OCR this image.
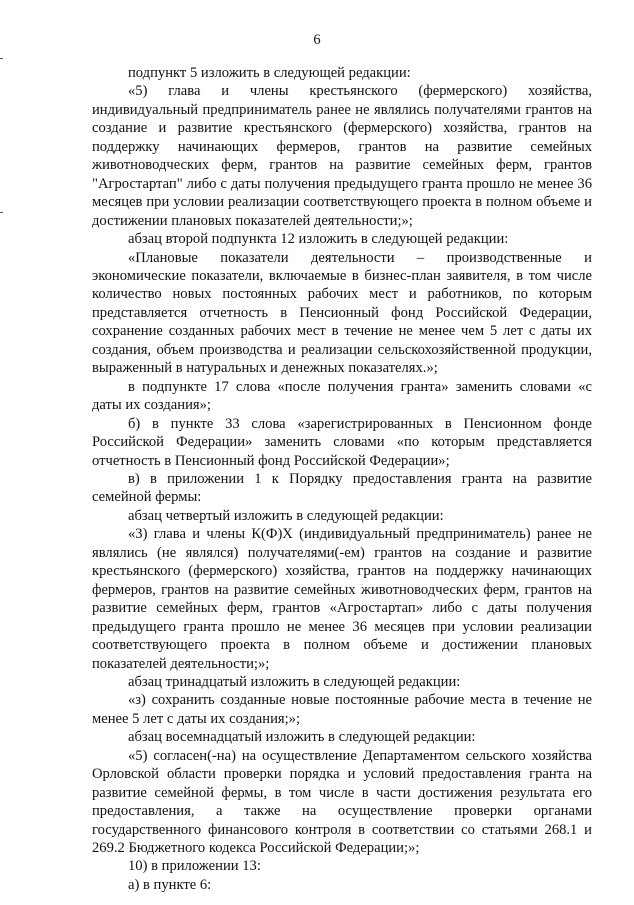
6

подпункт 5 изложить в следующей редакции:

«5) глава и члены крестьянского (фермерского) хозяйства, индивидуальный предприниматель ранее не являлись получателями грантов на создание и развитие крестьянского (фермерского) хозяйства, грантов на поддержку начинающих фермеров, грантов на развитие семейных животноводческих ферм, грантов на развитие семейных ферм, грантов "Агростартап" либо с даты получения предыдущего гранта прошло не менее 36 месяцев при условии реализации соответствующего проекта в полном объеме и достижении плановых показателей деятельности;»;

абзац второй подпункта 12 изложить в следующей редакции:

«Плановые показатели деятельности – производственные и экономические показатели, включаемые в бизнес-план заявителя, в том числе количество новых постоянных рабочих мест и работников, по которым представляется отчетность в Пенсионный фонд Российской Федерации, сохранение созданных рабочих мест в течение не менее чем 5 лет с даты их создания, объем производства и реализации сельскохозяйственной продукции, выраженный в натуральных и денежных показателях.»;

в подпункте 17 слова «после получения гранта» заменить словами «с даты их создания»;

б) в пункте 33 слова «зарегистрированных в Пенсионном фонде Российской Федерации» заменить словами «по которым представляется отчетность в Пенсионный фонд Российской Федерации»;

в) в приложении 1 к Порядку предоставления гранта на развитие семейной фермы:

абзац четвертый изложить в следующей редакции:

«3) глава и члены К(Ф)Х (индивидуальный предприниматель) ранее не являлись (не являлся) получателями(-ем) грантов на создание и развитие крестьянского (фермерского) хозяйства, грантов на поддержку начинающих фермеров, грантов на развитие семейных животноводческих ферм, грантов на развитие семейных ферм, грантов «Агростартап» либо с даты получения предыдущего гранта прошло не менее 36 месяцев при условии реализации соответствующего проекта в полном объеме и достижении плановых показателей деятельности;»;

абзац тринадцатый изложить в следующей редакции:

«з) сохранить созданные новые постоянные рабочие места в течение не менее 5 лет с даты их создания;»;

абзац восемнадцатый изложить в следующей редакции:

«5) согласен(-на) на осуществление Департаментом сельского хозяйства Орловской области проверки порядка и условий предоставления гранта на развитие семейной фермы, в том числе в части достижения результата его предоставления, а также на осуществление проверки органами государственного финансового контроля в соответствии со статьями 268.1 и 269.2 Бюджетного кодекса Российской Федерации;»;

10) в приложении 13:

а) в пункте 6:
